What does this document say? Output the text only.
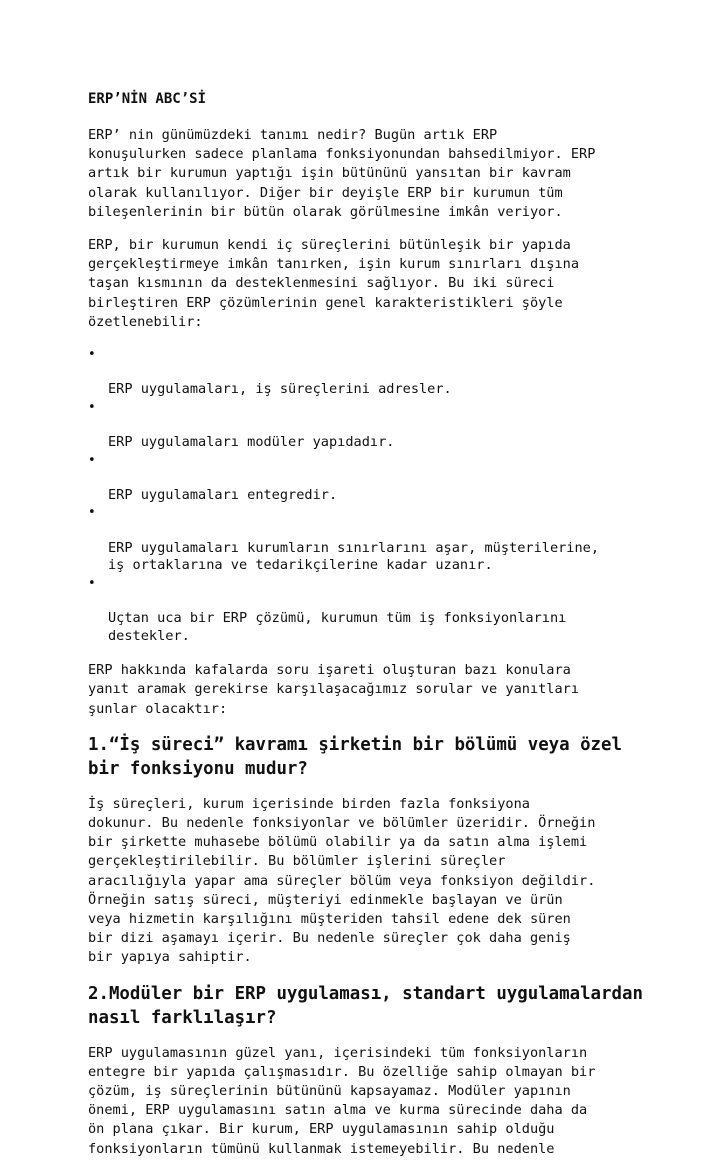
ERP’NİN ABC’Sİ

ERP’ nin günümüzdeki tanımı nedir? Bugün artık ERP
konuşulurken sadece planlama fonksiyonundan bahsedilmiyor. ERP
artık bir kurumun yaptığı işin bütününü yansıtan bir kavram
olarak kullanılıyor. Diğer bir deyişle ERP bir kurumun tüm
bileşenlerinin bir bütün olarak görülmesine imkân veriyor.

ERP, bir kurumun kendi iç süreçlerini bütünleşik bir yapıda
gerçekleştirmeye imkân tanırken, işin kurum sınırları dışına
taşan kısmının da desteklenmesini sağlıyor. Bu iki süreci
birleştiren ERP çözümlerinin genel karakteristikleri şöyle
özetlenebilir:

•

ERP uygulamaları, iş süreçlerini adresler.

•

ERP uygulamaları modüler yapıdadır.

•

ERP uygulamaları entegredir.

•

ERP uygulamaları kurumların sınırlarını aşar, müşterilerine,
iş ortaklarına ve tedarikçilerine kadar uzanır.

•

Uçtan uca bir ERP çözümü, kurumun tüm iş fonksiyonlarını
destekler.

ERP hakkında kafalarda soru işareti oluşturan bazı konulara
yanıt aramak gerekirse karşılaşacağımız sorular ve yanıtları
şunlar olacaktır:

1.“İş süreci” kavramı şirketin bir bölümü veya özel
bir fonksiyonu mudur?

İş süreçleri, kurum içerisinde birden fazla fonksiyona
dokunur. Bu nedenle fonksiyonlar ve bölümler üzeridir. Örneğin
bir şirkette muhasebe bölümü olabilir ya da satın alma işlemi
gerçekleştirilebilir. Bu bölümler işlerini süreçler
aracılığıyla yapar ama süreçler bölüm veya fonksiyon değildir.
Örneğin satış süreci, müşteriyi edinmekle başlayan ve ürün
veya hizmetin karşılığını müşteriden tahsil edene dek süren
bir dizi aşamayı içerir. Bu nedenle süreçler çok daha geniş
bir yapıya sahiptir.

2.Modüler bir ERP uygulaması, standart uygulamalardan
nasıl farklılaşır?

ERP uygulamasının güzel yanı, içerisindeki tüm fonksiyonların
entegre bir yapıda çalışmasıdır. Bu özelliğe sahip olmayan bir
çözüm, iş süreçlerinin bütününü kapsayamaz. Modüler yapının
önemi, ERP uygulamasını satın alma ve kurma sürecinde daha da
ön plana çıkar. Bir kurum, ERP uygulamasının sahip olduğu
fonksiyonların tümünü kullanmak istemeyebilir. Bu nedenle
